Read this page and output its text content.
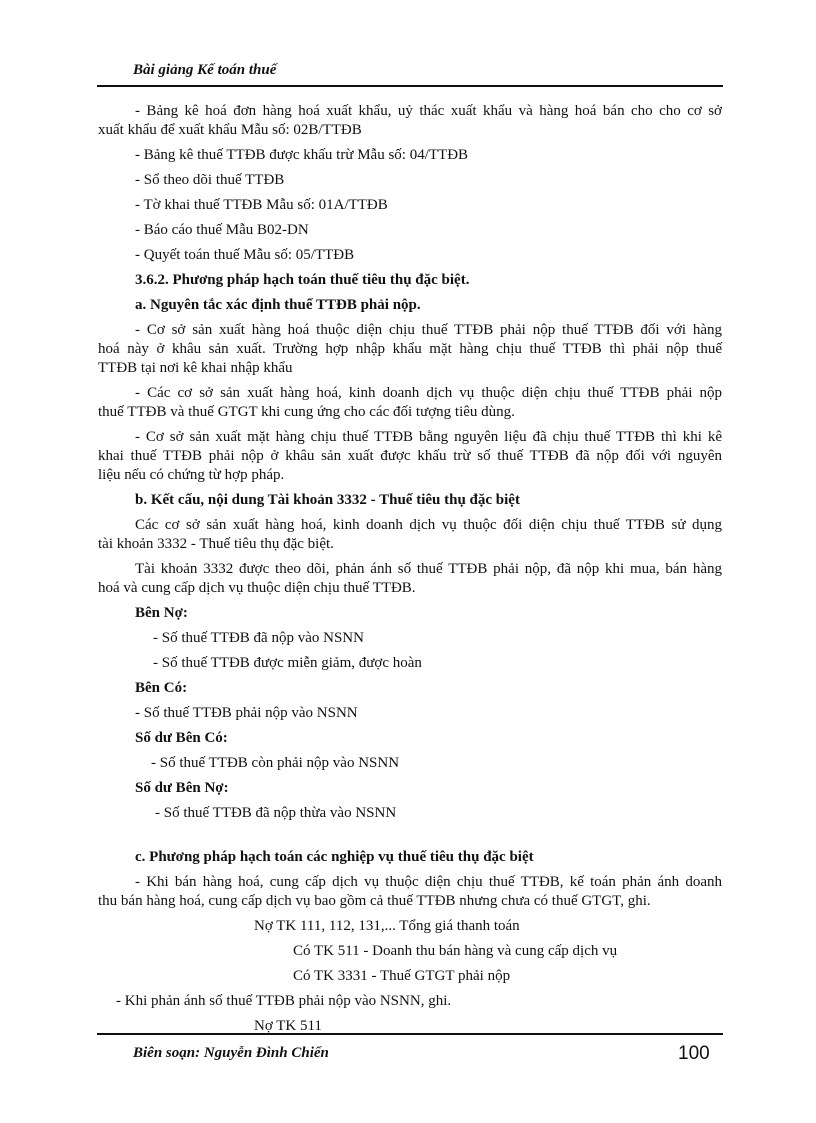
Bài giảng Kế toán thuế

- Bảng kê hoá đơn hàng hoá xuất khẩu, uỷ thác xuất khẩu và hàng hoá bán cho cho cơ sở

xuất khẩu để xuất khẩu Mẫu số: 02B/TTĐB

- Bảng kê thuế TTĐB được khấu trừ Mẫu số: 04/TTĐB

- Sổ theo dõi thuế TTĐB

- Tờ khai thuế TTĐB Mẫu số: 01A/TTĐB

- Báo cáo thuế Mẫu B02-DN

- Quyết toán thuế Mẫu số: 05/TTĐB

3.6.2. Phương pháp hạch toán thuế tiêu thụ đặc biệt.

a. Nguyên tắc xác định thuế TTĐB phải nộp.

- Cơ sở sản xuất hàng hoá thuộc diện chịu thuế TTĐB phải nộp thuế TTĐB đối với hàng

hoá này ở khâu sản xuất. Trường hợp nhập khẩu mặt hàng chịu thuế TTĐB thì phải nộp thuế

TTĐB tại nơi kê khai nhập khẩu

- Các cơ sở sản xuất hàng hoá, kinh doanh dịch vụ thuộc diện chịu thuế TTĐB phải nộp

thuế TTĐB và thuế GTGT khi cung ứng cho các đối tượng tiêu dùng.

- Cơ sở sản xuất mặt hàng chịu thuế TTĐB bằng nguyên liệu đã chịu thuế TTĐB thì khi kê

khai thuế TTĐB phải nộp ở khâu sản xuất được khấu trừ số thuế TTĐB đã nộp đối với nguyên

liệu nếu có chứng từ hợp pháp.

b. Kết cấu, nội dung Tài khoản 3332 - Thuế tiêu thụ đặc biệt

Các cơ sở sản xuất hàng hoá, kinh doanh dịch vụ thuộc đối diện chịu thuế TTĐB sử dụng

tài khoản 3332 - Thuế tiêu thụ đặc biệt.

Tài khoản 3332 được theo dõi, phản ánh số thuế TTĐB phải nộp, đã nộp khi mua, bán hàng

hoá và cung cấp dịch vụ thuộc diện chịu thuế TTĐB.

Bên Nợ:

- Số thuế TTĐB đã nộp vào NSNN

- Số thuế TTĐB được miễn giảm, được hoàn

Bên Có:

- Số thuế TTĐB phải nộp vào NSNN

Số dư Bên Có:

- Số thuế TTĐB còn phải nộp vào NSNN

Số dư Bên Nợ:

- Số thuế TTĐB đã nộp thừa vào NSNN

c. Phương pháp hạch toán các nghiệp vụ thuế tiêu thụ đặc biệt

- Khi bán hàng hoá, cung cấp dịch vụ thuộc diện chịu thuế TTĐB, kế toán phản ánh doanh

thu bán hàng hoá, cung cấp dịch vụ bao gồm cả thuế TTĐB nhưng chưa có thuế GTGT, ghi.

Nợ TK 111, 112, 131,... Tổng giá thanh toán

Có TK 511 - Doanh thu bán hàng và cung cấp dịch vụ

Có TK 3331 - Thuế GTGT phải nộp

- Khi phản ánh số thuế TTĐB phải nộp vào NSNN, ghi.

Nợ TK 511

Biên soạn: Nguyễn Đình Chiến	100
